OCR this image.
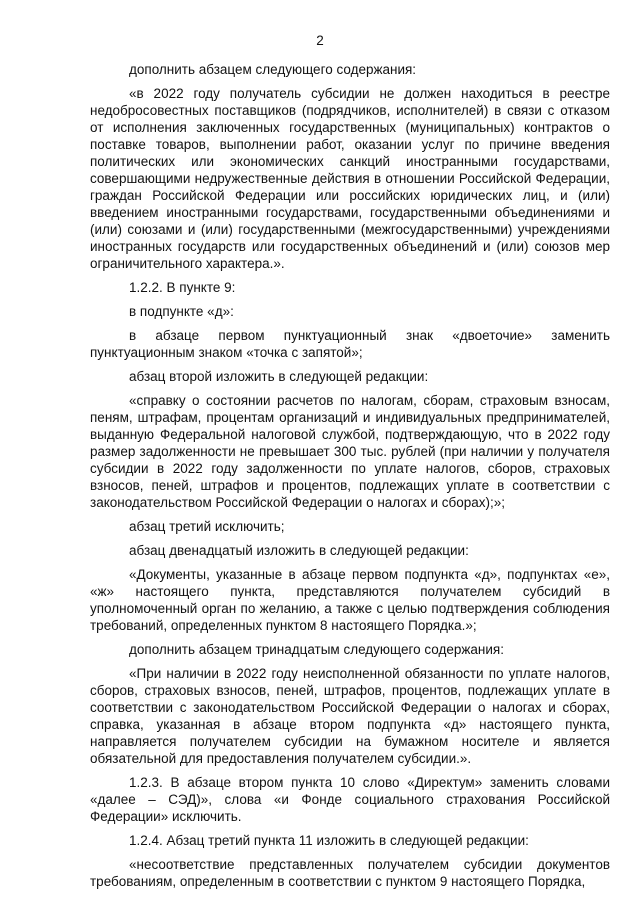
2

дополнить абзацем следующего содержания:

«в 2022 году получатель субсидии не должен находиться в реестре недобросовестных поставщиков (подрядчиков, исполнителей) в связи с отказом от исполнения заключенных государственных (муниципальных) контрактов о поставке товаров, выполнении работ, оказании услуг по причине введения политических или экономических санкций иностранными государствами, совершающими недружественные действия в отношении Российской Федерации, граждан Российской Федерации или российских юридических лиц, и (или) введением иностранными государствами, государственными объединениями и (или) союзами и (или) государственными (межгосударственными) учреждениями иностранных государств или государственных объединений и (или) союзов мер ограничительного характера.».

1.2.2. В пункте 9:

в подпункте «д»:

в абзаце первом пунктуационный знак «двоеточие» заменить пунктуационным знаком «точка с запятой»;

абзац второй изложить в следующей редакции:

«справку о состоянии расчетов по налогам, сборам, страховым взносам, пеням, штрафам, процентам организаций и индивидуальных предпринимателей, выданную Федеральной налоговой службой, подтверждающую, что в 2022 году размер задолженности не превышает 300 тыс. рублей (при наличии у получателя субсидии в 2022 году задолженности по уплате налогов, сборов, страховых взносов, пеней, штрафов и процентов, подлежащих уплате в соответствии с законодательством Российской Федерации о налогах и сборах);»;

абзац третий исключить;

абзац двенадцатый изложить в следующей редакции:

«Документы, указанные в абзаце первом подпункта «д», подпунктах «е», «ж» настоящего пункта, представляются получателем субсидий в уполномоченный орган по желанию, а также с целью подтверждения соблюдения требований, определенных пунктом 8 настоящего Порядка.»;

дополнить абзацем тринадцатым следующего содержания:

«При наличии в 2022 году неисполненной обязанности по уплате налогов, сборов, страховых взносов, пеней, штрафов, процентов, подлежащих уплате в соответствии с законодательством Российской Федерации о налогах и сборах, справка, указанная в абзаце втором подпункта «д» настоящего пункта, направляется получателем субсидии на бумажном носителе и является обязательной для предоставления получателем субсидии.».

1.2.3. В абзаце втором пункта 10 слово «Директум» заменить словами «далее – СЭД)», слова «и Фонде социального страхования Российской Федерации» исключить.

1.2.4. Абзац третий пункта 11 изложить в следующей редакции:

«несоответствие представленных получателем субсидии документов требованиям, определенным в соответствии с пунктом 9 настоящего Порядка,
